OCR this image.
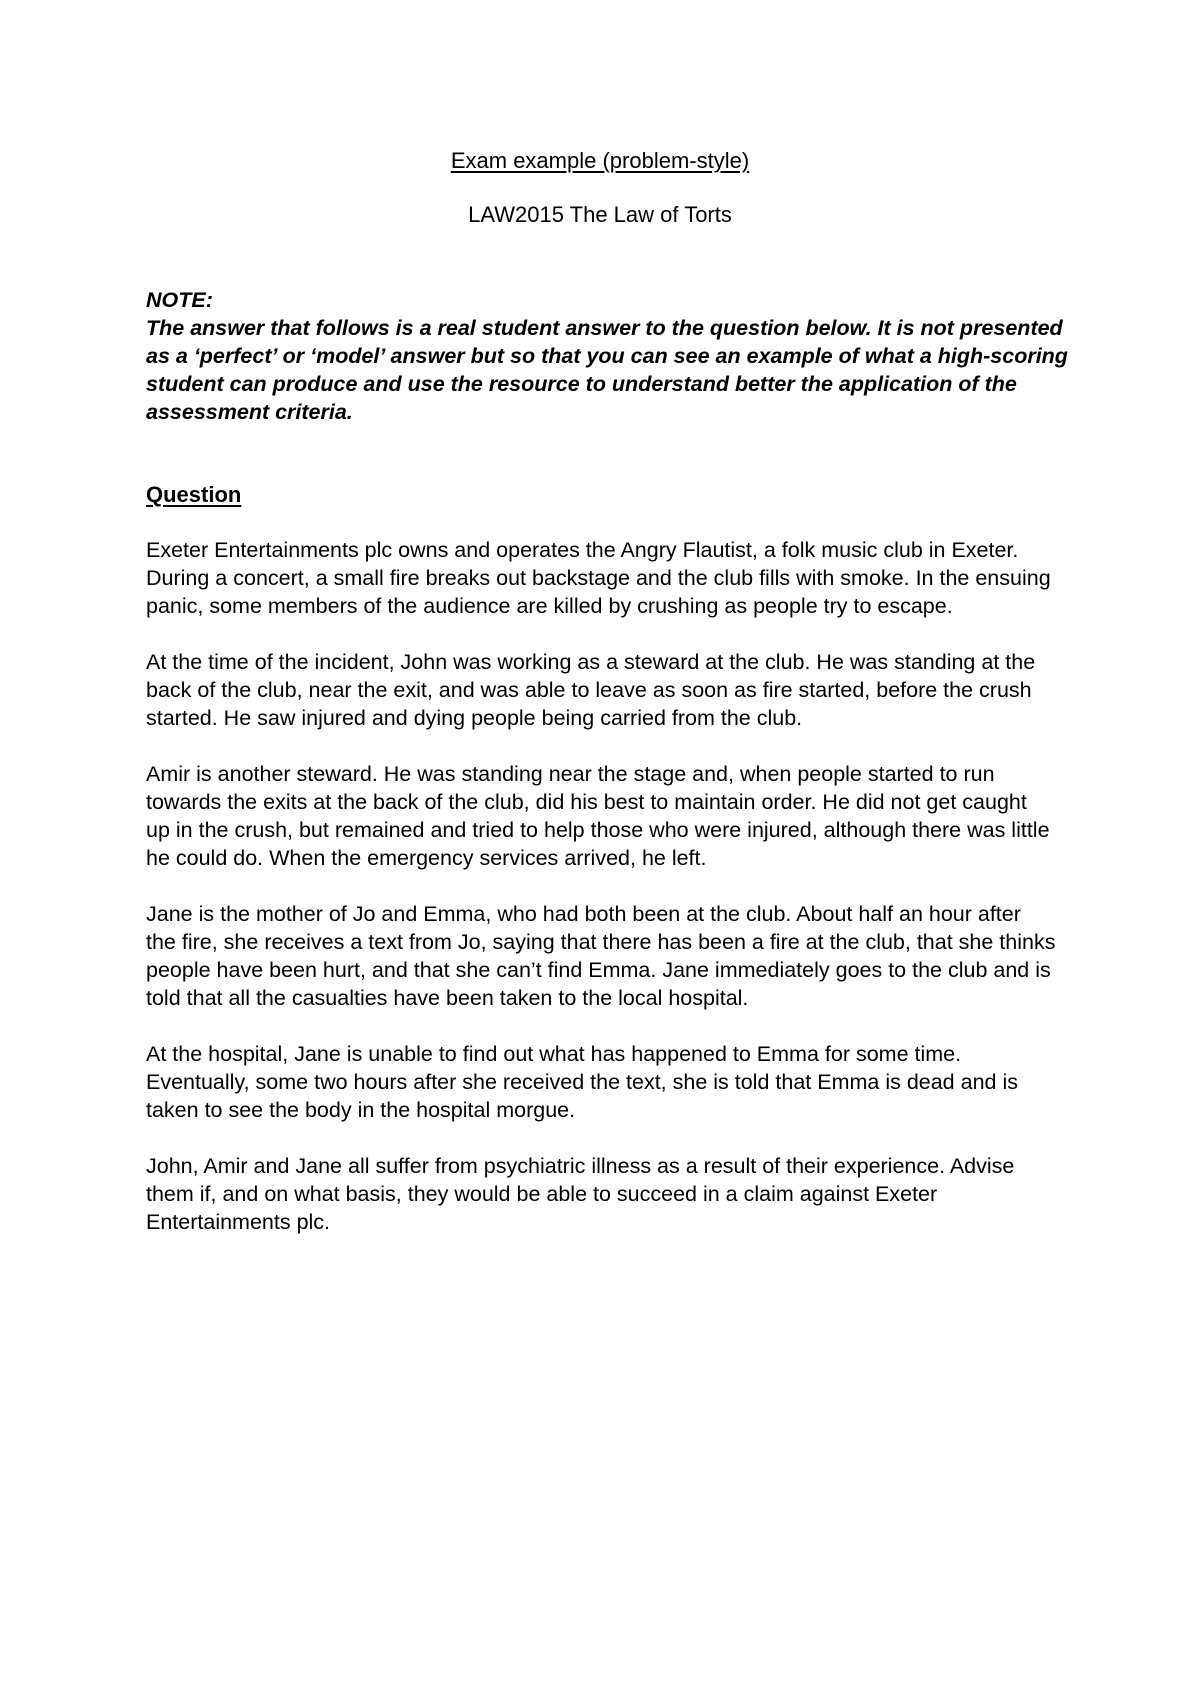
Exam example (problem-style)
LAW2015 The Law of Torts
NOTE:
The answer that follows is a real student answer to the question below. It is not presented as a ‘perfect’ or ‘model’ answer but so that you can see an example of what a high-scoring student can produce and use the resource to understand better the application of the assessment criteria.
Question

Exeter Entertainments plc owns and operates the Angry Flautist, a folk music club in Exeter. During a concert, a small fire breaks out backstage and the club fills with smoke. In the ensuing panic, some members of the audience are killed by crushing as people try to escape.

At the time of the incident, John was working as a steward at the club. He was standing at the back of the club, near the exit, and was able to leave as soon as fire started, before the crush started. He saw injured and dying people being carried from the club.

Amir is another steward. He was standing near the stage and, when people started to run towards the exits at the back of the club, did his best to maintain order. He did not get caught up in the crush, but remained and tried to help those who were injured, although there was little he could do. When the emergency services arrived, he left.

Jane is the mother of Jo and Emma, who had both been at the club. About half an hour after the fire, she receives a text from Jo, saying that there has been a fire at the club, that she thinks people have been hurt, and that she can’t find Emma. Jane immediately goes to the club and is told that all the casualties have been taken to the local hospital.

At the hospital, Jane is unable to find out what has happened to Emma for some time. Eventually, some two hours after she received the text, she is told that Emma is dead and is taken to see the body in the hospital morgue.

John, Amir and Jane all suffer from psychiatric illness as a result of their experience. Advise them if, and on what basis, they would be able to succeed in a claim against Exeter Entertainments plc.
